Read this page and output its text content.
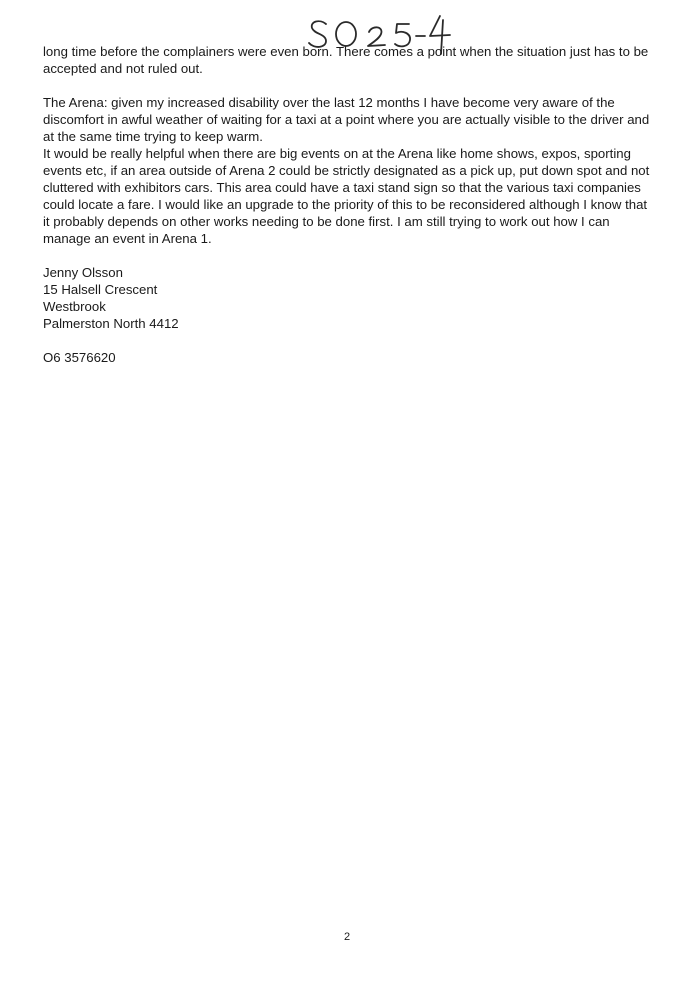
long time before the complainers were even born. There comes a point when the situation just has to be
accepted and not ruled out.

The Arena: given my increased disability over the last 12 months I have become very aware of the
discomfort in awful weather of waiting for a taxi at a point where you are actually visible to the driver and
at the same time trying to keep warm.
It would be really helpful when there are big events on at the Arena like home shows, expos, sporting
events etc, if an area outside of Arena 2 could be strictly designated as a pick up, put down spot and not
cluttered with exhibitors cars. This area could have a taxi stand sign so that the various taxi companies
could locate a fare. I would like an upgrade to the priority of this to be reconsidered although I know that
it probably depends on other works needing to be done first. I am still trying to work out how I can
manage an event in Arena 1.

Jenny Olsson
15 Halsell Crescent
Westbrook
Palmerston North 4412
O6 3576620
2
